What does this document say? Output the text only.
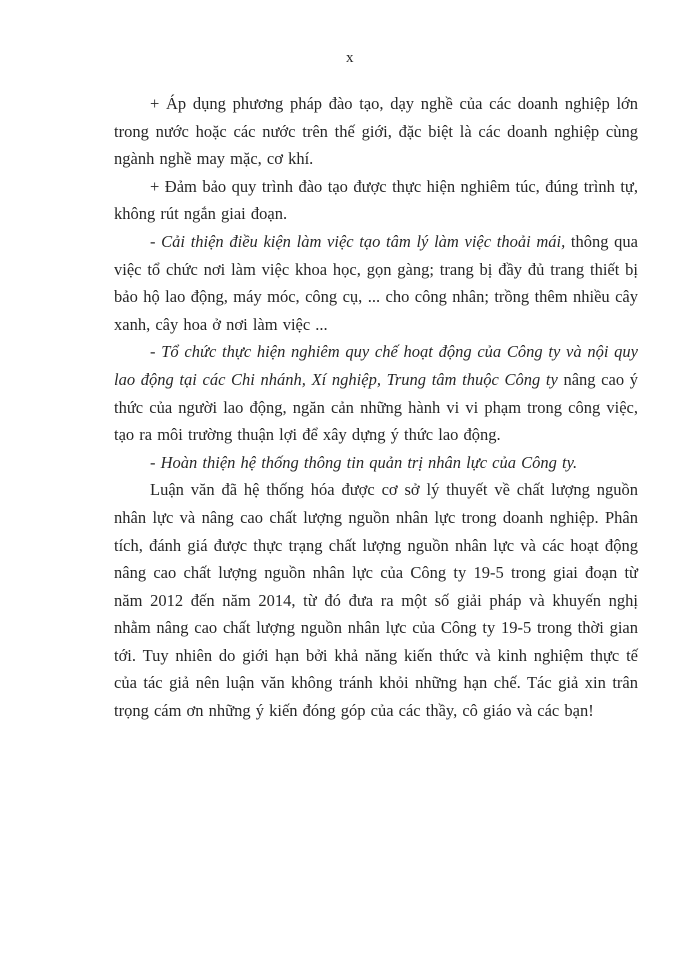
x

+ Áp dụng phương pháp đào tạo, dạy nghề của các doanh nghiệp lớn trong nước hoặc các nước trên thế giới, đặc biệt là các doanh nghiệp cùng ngành nghề may mặc, cơ khí.

+ Đảm bảo quy trình đào tạo được thực hiện nghiêm túc, đúng trình tự, không rút ngắn giai đoạn.

- Cải thiện điều kiện làm việc tạo tâm lý làm việc thoải mái, thông qua việc tổ chức nơi làm việc khoa học, gọn gàng; trang bị đầy đủ trang thiết bị bảo hộ lao động, máy móc, công cụ, ... cho công nhân; trồng thêm nhiều cây xanh, cây hoa ở nơi làm việc ...

- Tổ chức thực hiện nghiêm quy chế hoạt động của Công ty và nội quy lao động tại các Chi nhánh, Xí nghiệp, Trung tâm thuộc Công ty nâng cao ý thức của người lao động, ngăn cản những hành vi vi phạm trong công việc, tạo ra môi trường thuận lợi để xây dựng ý thức lao động.

- Hoàn thiện hệ thống thông tin quản trị nhân lực của Công ty.

Luận văn đã hệ thống hóa được cơ sở lý thuyết về chất lượng nguồn nhân lực và nâng cao chất lượng nguồn nhân lực trong doanh nghiệp. Phân tích, đánh giá được thực trạng chất lượng nguồn nhân lực và các hoạt động nâng cao chất lượng nguồn nhân lực của Công ty 19-5 trong giai đoạn từ năm 2012 đến năm 2014, từ đó đưa ra một số giải pháp và khuyến nghị nhằm nâng cao chất lượng nguồn nhân lực của Công ty 19-5 trong thời gian tới. Tuy nhiên do giới hạn bởi khả năng kiến thức và kinh nghiệm thực tế của tác giả nên luận văn không tránh khỏi những hạn chế. Tác giả xin trân trọng cám ơn những ý kiến đóng góp của các thầy, cô giáo và các bạn!
